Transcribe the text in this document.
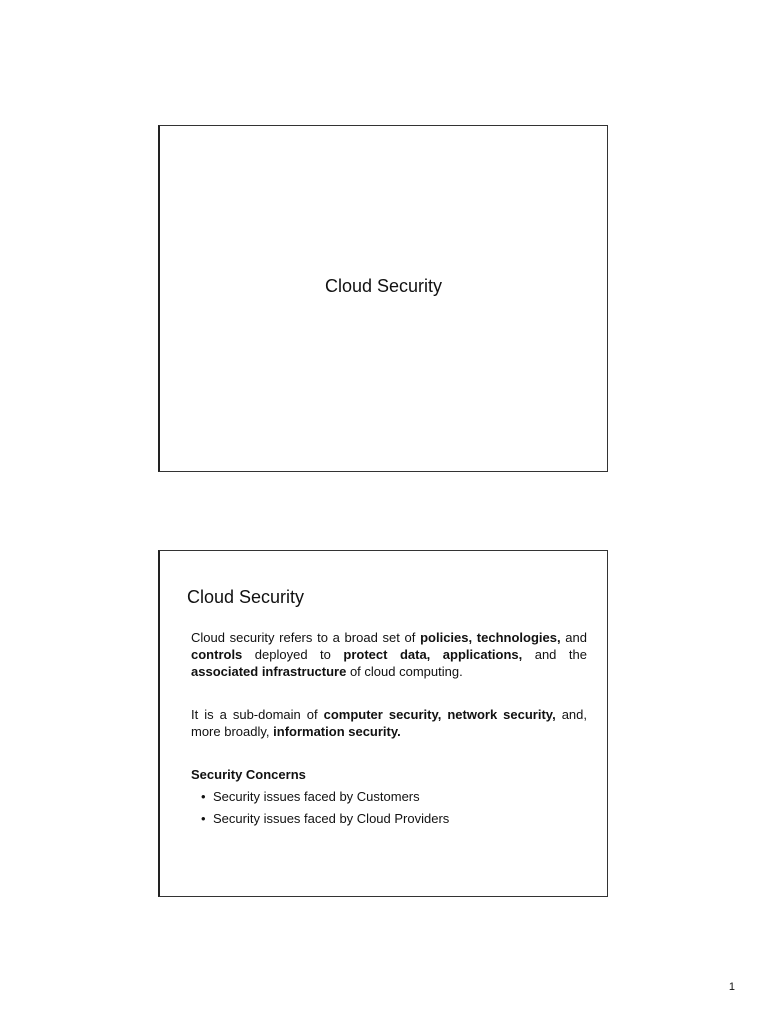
Cloud Security
Cloud Security
Cloud security refers to a broad set of policies, technologies, and controls deployed to protect data, applications, and the associated infrastructure of cloud computing.
It is a sub-domain of computer security, network security, and, more broadly, information security.
Security Concerns
• Security issues faced by Customers
• Security issues faced by Cloud Providers
1
